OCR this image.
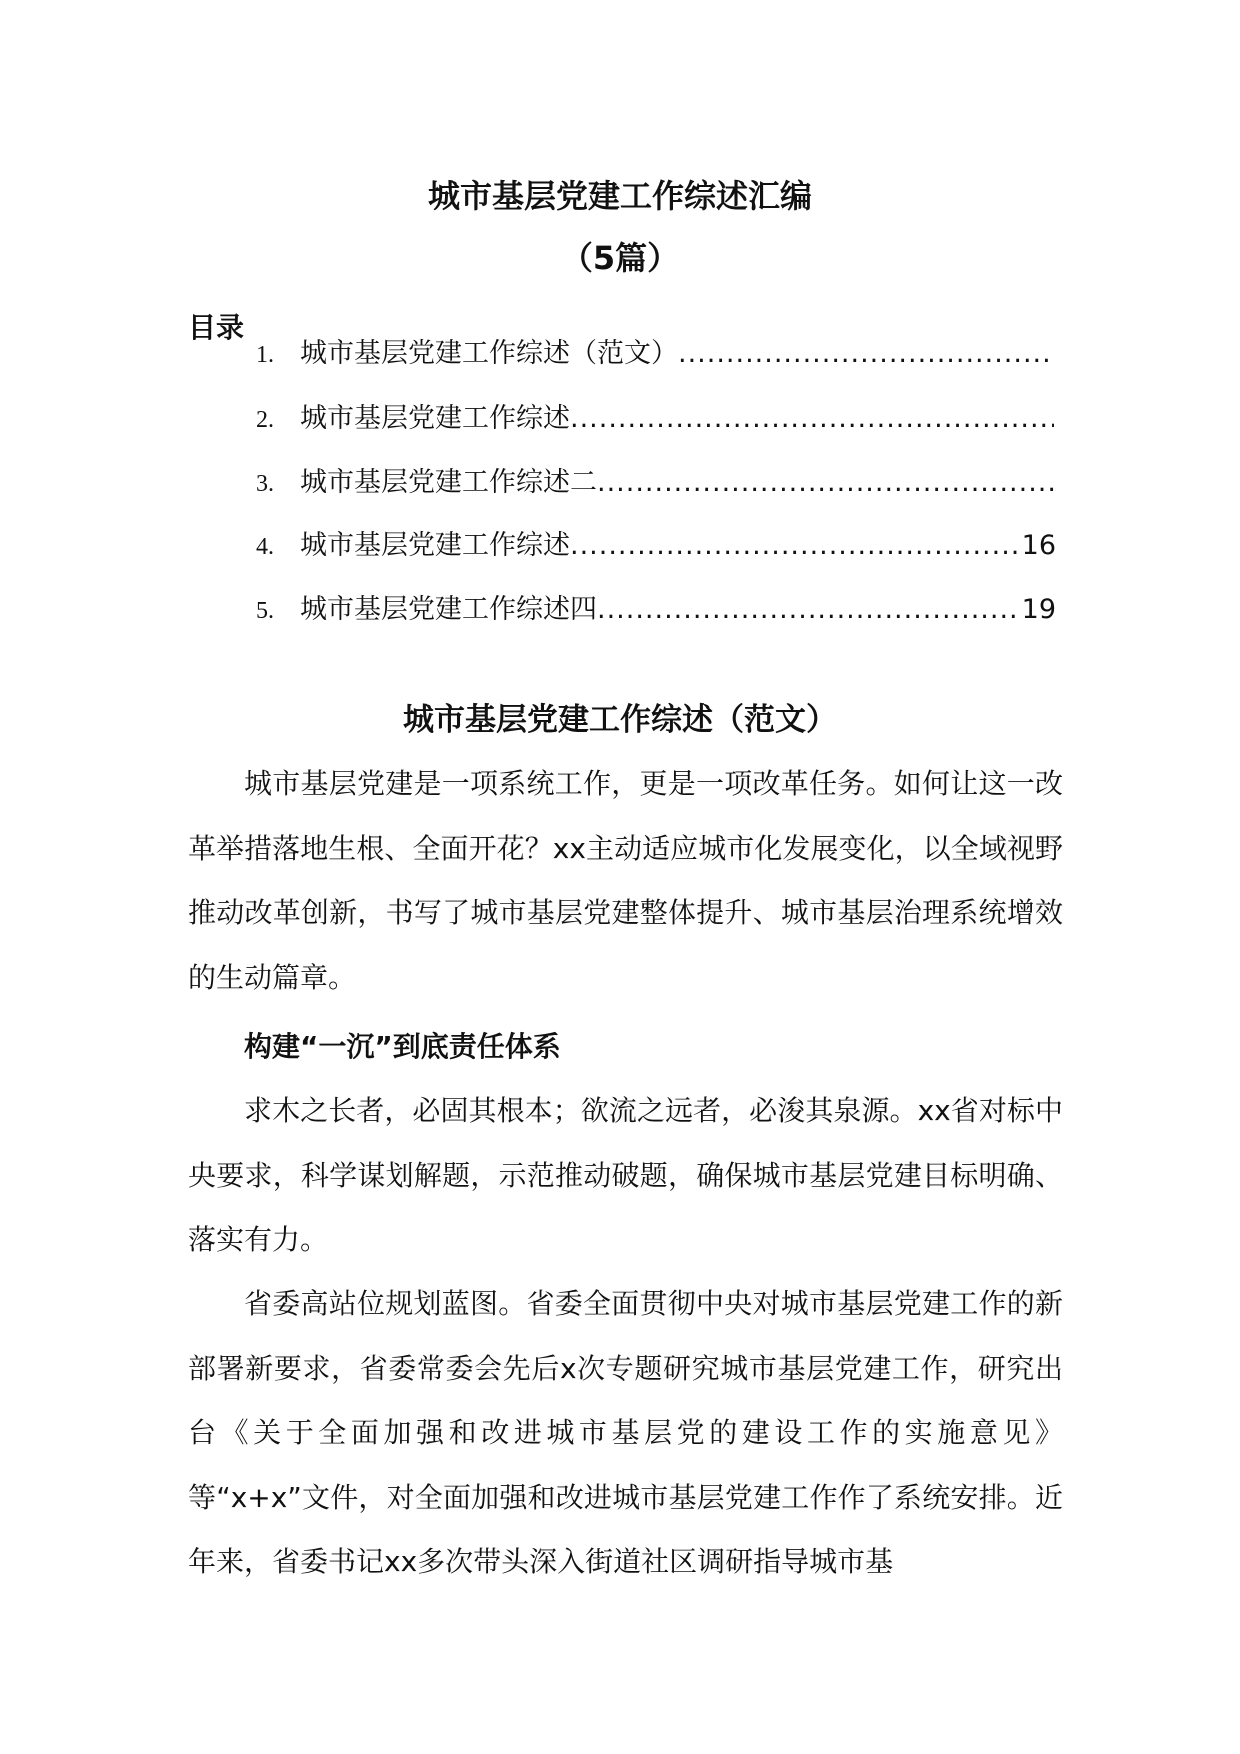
城市基层党建工作综述汇编
（5篇）
目录
1. 城市基层党建工作综述（范文）
.....
2. 城市基层党建工作综述
.....
3. 城市基层党建工作综述二
.....
4. 城市基层党建工作综述 .....	16
5. 城市基层党建工作综述四 .....	19
城市基层党建工作综述（范文）

城市基层党建是一项系统工作，更是一项改革任务。如何让这一改革举措落地生根、全面开花？xx主动适应城市化发展变化，以全域视野推动改革创新，书写了城市基层党建整体提升、城市基层治理系统增效的生动篇章。

构建“一沉”到底责任体系

求木之长者，必固其根本；欲流之远者，必浚其泉源。xx省对标中央要求，科学谋划解题，示范推动破题，确保城市基层党建目标明确、落实有力。

省委高站位规划蓝图。省委全面贯彻中央对城市基层党建工作的新部署新要求，省委常委会先后x次专题研究城市基层党建工作，研究出台《关于全面加强和改进城市基层党的建设工作的实施意见》等“x+x”文件，对全面加强和改进城市基层党建工作作了系统安排。近年来，省委书记xx多次带头深入街道社区调研指导城市基
